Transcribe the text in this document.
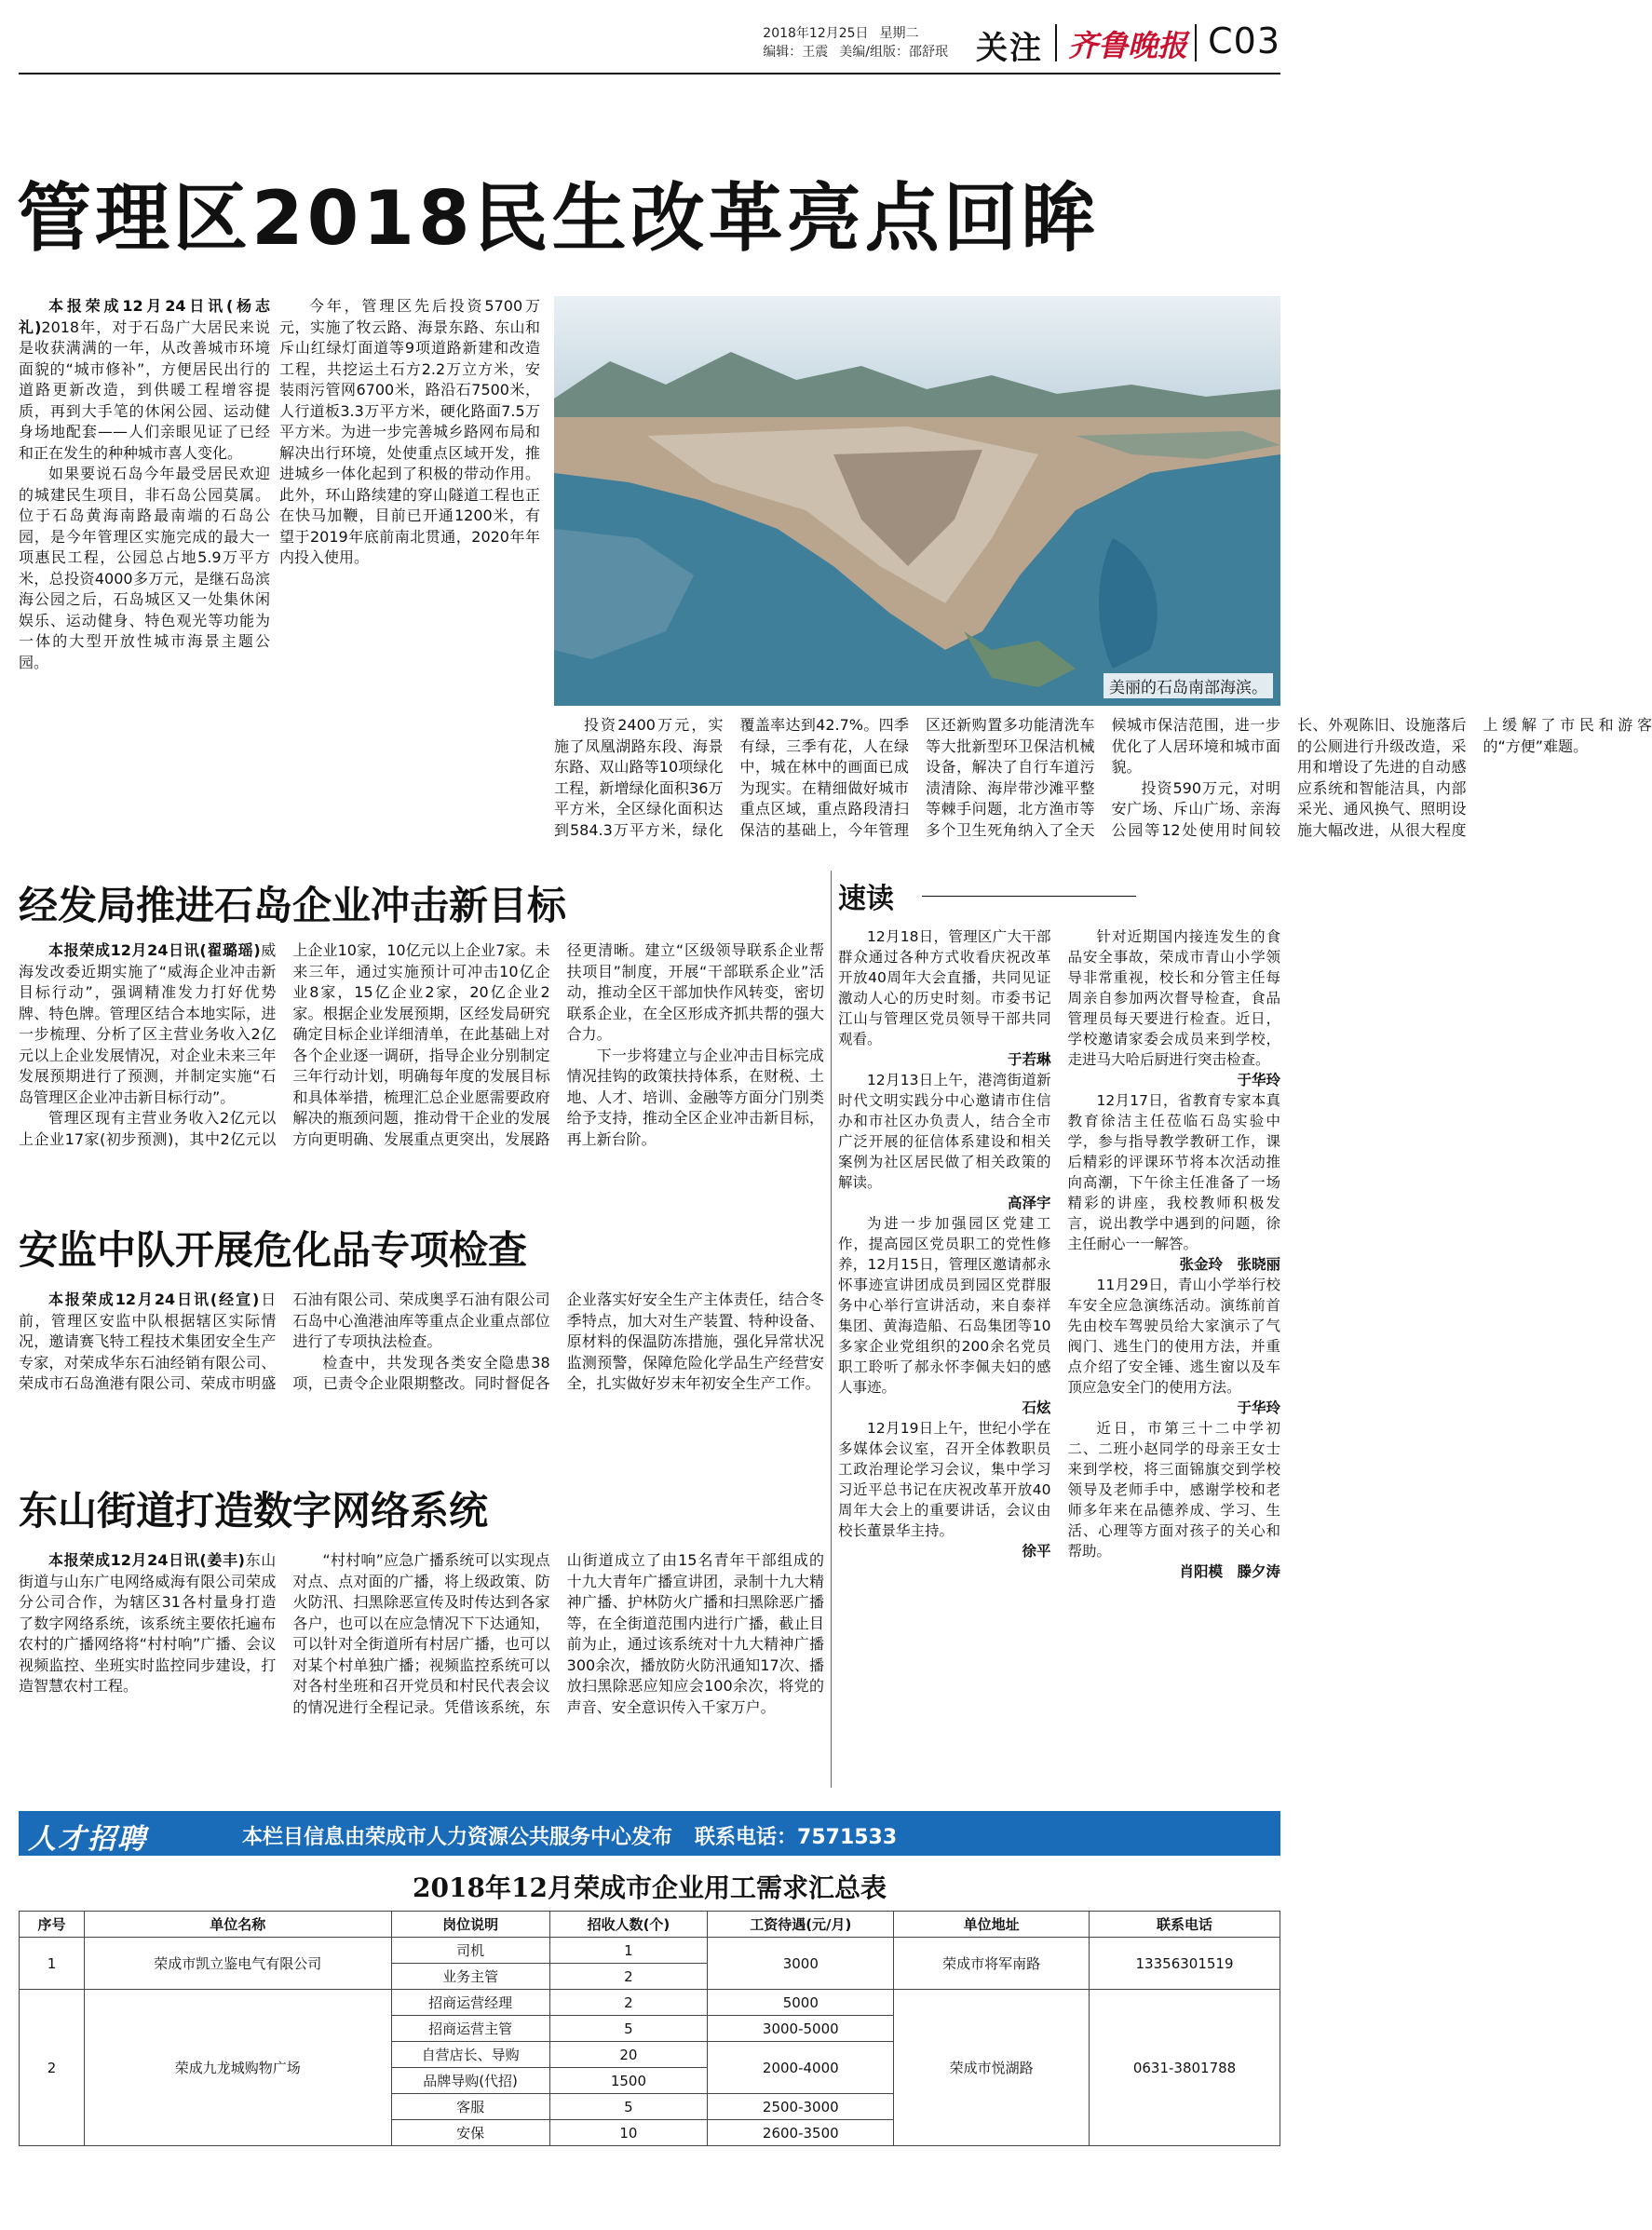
2018年12月25日 星期二
编辑：王震 美编/组版：邵舒珉 关注 齐鲁晚报 C03
管理区2018民生改革亮点回眸

本报荣成12月24日讯(杨志礼)2018年，对于石岛广大居民来说是收获满满的一年，从改善城市环境面貌的“城市修补”，方便居民出行的道路更新改造，到供暖工程增容提质，再到大手笔的休闲公园、运动健身场地配套——人们亲眼见证了已经和正在发生的种种城市喜人变化。

如果要说石岛今年最受居民欢迎的城建民生项目，非石岛公园莫属。位于石岛黄海南路最南端的石岛公园，是今年管理区实施完成的最大一项惠民工程，公园总占地5.9万平方米，总投资4000多万元，是继石岛滨海公园之后，石岛城区又一处集休闲娱乐、运动健身、特色观光等功能为一体的大型开放性城市海景主题公园。

今年，管理区先后投资5700万元，实施了牧云路、海景东路、东山和斥山红绿灯面道等9项道路新建和改造工程，共挖运土石方2.2万立方米，安装雨污管网6700米，路沿石7500米，人行道板3.3万平方米，硬化路面7.5万平方米。为进一步完善城乡路网布局和解决出行环境，处使重点区域开发，推进城乡一体化起到了积极的带动作用。此外，环山路续建的穿山隧道工程也正在快马加鞭，目前已开通1200米，有望于2019年底前南北贯通，2020年年内投入使用。

美丽的石岛南部海滨。

投资2400万元，实施了凤凰湖路东段、海景东路、双山路等10项绿化工程，新增绿化面积36万平方米，全区绿化面积达到584.3万平方米，绿化覆盖率达到42.7%。四季有绿，三季有花，人在绿中，城在林中的画面已成为现实。在精细做好城市重点区域，重点路段清扫保洁的基础上，今年管理区还新购置多功能清洗车等大批新型环卫保洁机械设备，解决了自行车道污渍清除、海岸带沙滩平整等棘手问题，北方渔市等多个卫生死角纳入了全天候城市保洁范围，进一步优化了人居环境和城市面貌。

投资590万元，对明安广场、斥山广场、亲海公园等12处使用时间较长、外观陈旧、设施落后的公厕进行升级改造，采用和增设了先进的自动感应系统和智能洁具，内部采光、通风换气、照明设施大幅改进，从很大程度上缓解了市民和游客的“方便”难题。

经发局推进石岛企业冲击新目标

本报荣成12月24日讯(翟璐瑶)威海发改委近期实施了“威海企业冲击新目标行动”，强调精准发力打好优势牌、特色牌。管理区结合本地实际，进一步梳理、分析了区主营业务收入2亿元以上企业发展情况，对企业未来三年发展预期进行了预测，并制定实施“石岛管理区企业冲击新目标行动”。

管理区现有主营业务收入2亿元以上企业17家(初步预测)，其中2亿元以上企业10家，10亿元以上企业7家。未来三年，通过实施预计可冲击10亿企业8家，15亿企业2家，20亿企业2家。根据企业发展预期，区经发局研究确定目标企业详细清单，在此基础上对各个企业逐一调研，指导企业分别制定三年行动计划，明确每年度的发展目标和具体举措，梳理汇总企业愿需要政府解决的瓶颈问题，推动骨干企业的发展方向更明确、发展重点更突出，发展路径更清晰。建立“区级领导联系企业帮扶项目”制度，开展“干部联系企业”活动，推动全区干部加快作风转变，密切联系企业，在全区形成齐抓共帮的强大合力。

下一步将建立与企业冲击目标完成情况挂钩的政策扶持体系，在财税、土地、人才、培训、金融等方面分门别类给予支持，推动全区企业冲击新目标，再上新台阶。

安监中队开展危化品专项检查

本报荣成12月24日讯(经宣)日前，管理区安监中队根据辖区实际情况，邀请赛飞特工程技术集团安全生产专家，对荣成华东石油经销有限公司、荣成市石岛渔港有限公司、荣成市明盛石油有限公司、荣成奥孚石油有限公司石岛中心渔港油库等重点企业重点部位进行了专项执法检查。

检查中，共发现各类安全隐患38项，已责令企业限期整改。同时督促各企业落实好安全生产主体责任，结合冬季特点，加大对生产装置、特种设备、原材料的保温防冻措施，强化异常状况监测预警，保障危险化学品生产经营安全，扎实做好岁末年初安全生产工作。

东山街道打造数字网络系统

本报荣成12月24日讯(姜丰)东山街道与山东广电网络威海有限公司荣成分公司合作，为辖区31各村量身打造了数字网络系统，该系统主要依托遍布农村的广播网络将“村村响”广播、会议视频监控、坐班实时监控同步建设，打造智慧农村工程。

“村村响”应急广播系统可以实现点对点、点对面的广播，将上级政策、防火防汛、扫黑除恶宣传及时传达到各家各户，也可以在应急情况下下达通知，可以针对全街道所有村居广播，也可以对某个村单独广播；视频监控系统可以对各村坐班和召开党员和村民代表会议的情况进行全程记录。凭借该系统，东山街道成立了由15名青年干部组成的十九大青年广播宣讲团，录制十九大精神广播、护林防火广播和扫黑除恶广播等，在全街道范围内进行广播，截止目前为止，通过该系统对十九大精神广播300余次，播放防火防汛通知17次、播放扫黑除恶应知应会100余次，将党的声音、安全意识传入千家万户。

速读

12月18日，管理区广大干部群众通过各种方式收看庆祝改革开放40周年大会直播，共同见证激动人心的历史时刻。市委书记江山与管理区党员领导干部共同观看。

于若琳

12月13日上午，港湾街道新时代文明实践分中心邀请市住信办和市社区办负责人，结合全市广泛开展的征信体系建设和相关案例为社区居民做了相关政策的解读。

高泽宇

为进一步加强园区党建工作，提高园区党员职工的党性修养，12月15日，管理区邀请郝永怀事迹宣讲团成员到园区党群服务中心举行宣讲活动，来自泰祥集团、黄海造船、石岛集团等10多家企业党组织的200余名党员职工聆听了郝永怀李佩夫妇的感人事迹。

石炫

12月19日上午，世纪小学在多媒体会议室，召开全体教职员工政治理论学习会议，集中学习习近平总书记在庆祝改革开放40周年大会上的重要讲话，会议由校长董景华主持。

徐平

针对近期国内接连发生的食品安全事故，荣成市青山小学领导非常重视，校长和分管主任每周亲自参加两次督导检查，食品管理员每天要进行检查。近日，学校邀请家委会成员来到学校，走进马大哈后厨进行突击检查。

于华玲

12月17日，省教育专家本真教育徐洁主任莅临石岛实验中学，参与指导教学教研工作，课后精彩的评课环节将本次活动推向高潮，下午徐主任准备了一场精彩的讲座，我校教师积极发言，说出教学中遇到的问题，徐主任耐心一一解答。

张金玲　张晓丽

11月29日，青山小学举行校车安全应急演练活动。演练前首先由校车驾驶员给大家演示了气阀门、逃生门的使用方法，并重点介绍了安全锤、逃生窗以及车顶应急安全门的使用方法。

于华玲

近日，市第三十二中学初二、二班小赵同学的母亲王女士来到学校，将三面锦旗交到学校领导及老师手中，感谢学校和老师多年来在品德养成、学习、生活、心理等方面对孩子的关心和帮助。

肖阳模　滕夕涛

人才招聘	本栏目信息由荣成市人力资源公共服务中心发布 联系电话：7571533
2018年12月荣成市企业用工需求汇总表
序号	单位名称	岗位说明	招收人数(个)	工资待遇(元/月)	单位地址	联系电话
1	荣成市凯立鉴电气有限公司	司机	1	3000	荣成市将军南路	13356301519
		业务主管	2			
2	荣成九龙城购物广场	招商运营经理	2	5000	荣成市悦湖路	0631-3801788
		招商运营主管	5	3000-5000		
		自营店长、导购	20	2000-4000		
		品牌导购(代招)	1500			
		客服	5	2500-3000		
		安保	10	2600-3500		
